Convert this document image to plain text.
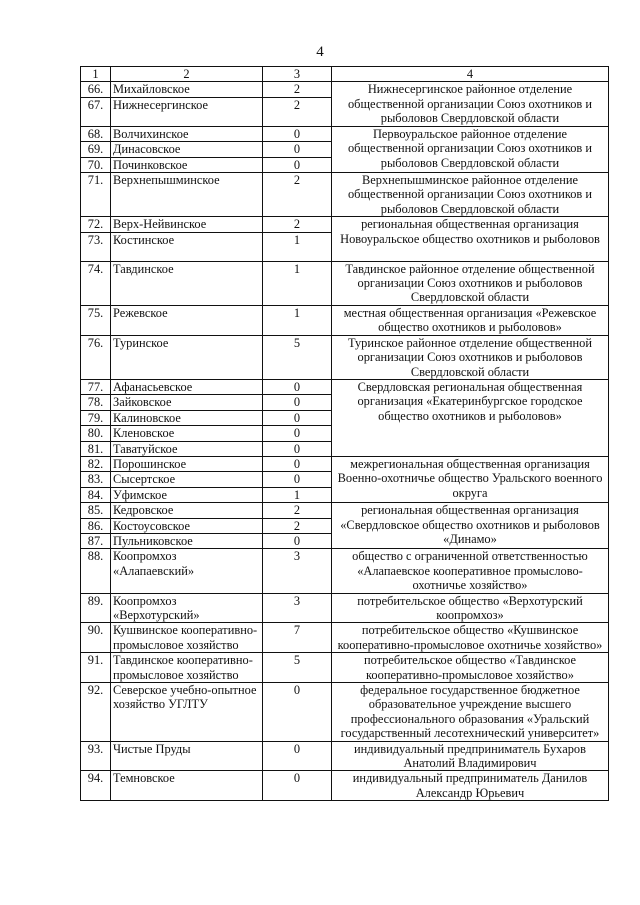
4
1	2	3	4
66.	Михайловское	2	Нижнесергинское районное отделение общественной организации Союз охотников и рыболовов Свердловской области
67.	Нижнесергинское	2	
68.	Волчихинское	0	Первоуральское районное отделение общественной организации Союз охотников и рыболовов Свердловской области
69.	Динасовское	0	
70.	Починковское	0	
71.	Верхнепышминское	2	Верхнепышминское районное отделение общественной организации Союз охотников и рыболовов Свердловской области
72.	Верх-Нейвинское	2	региональная общественная организация Новоуральское общество охотников и рыболовов
73.	Костинское	1	
74.	Тавдинское	1	Тавдинское районное отделение общественной организации Союз охотников и рыболовов Свердловской области
75.	Режевское	1	местная общественная организация «Режевское общество охотников и рыболовов»
76.	Туринское	5	Туринское районное отделение общественной организации Союз охотников и рыболовов Свердловской области
77.	Афанасьевское	0	Свердловская региональная общественная организация «Екатеринбургское городское общество охотников и рыболовов»
78.	Зайковское	0	
79.	Калиновское	0	
80.	Кленовское	0	
81.	Таватуйское	0	
82.	Порошинское	0	межрегиональная общественная организация Военно-охотничье общество Уральского военного округа
83.	Сысертское	0	
84.	Уфимское	1	
85.	Кедровское	2	региональная общественная организация «Свердловское общество охотников и рыболовов «Динамо»
86.	Костоусовское	2	
87.	Пульниковское	0	
88.	Коопромхоз «Алапаевский»	3	общество с ограниченной ответственностью «Алапаевское кооперативное промыслово-охотничье хозяйство»
89.	Коопромхоз «Верхотурский»	3	потребительское общество «Верхотурский коопромхоз»
90.	Кушвинское кооперативно-промысловое хозяйство	7	потребительское общество «Кушвинское кооперативно-промысловое охотничье хозяйство»
91.	Тавдинское кооперативно-промысловое хозяйство	5	потребительское общество «Тавдинское кооперативно-промысловое хозяйство»
92.	Северское учебно-опытное хозяйство УГЛТУ	0	федеральное государственное бюджетное образовательное учреждение высшего профессионального образования «Уральский государственный лесотехнический университет»
93.	Чистые Пруды	0	индивидуальный предприниматель Бухаров Анатолий Владимирович
94.	Темновское	0	индивидуальный предприниматель Данилов Александр Юрьевич
